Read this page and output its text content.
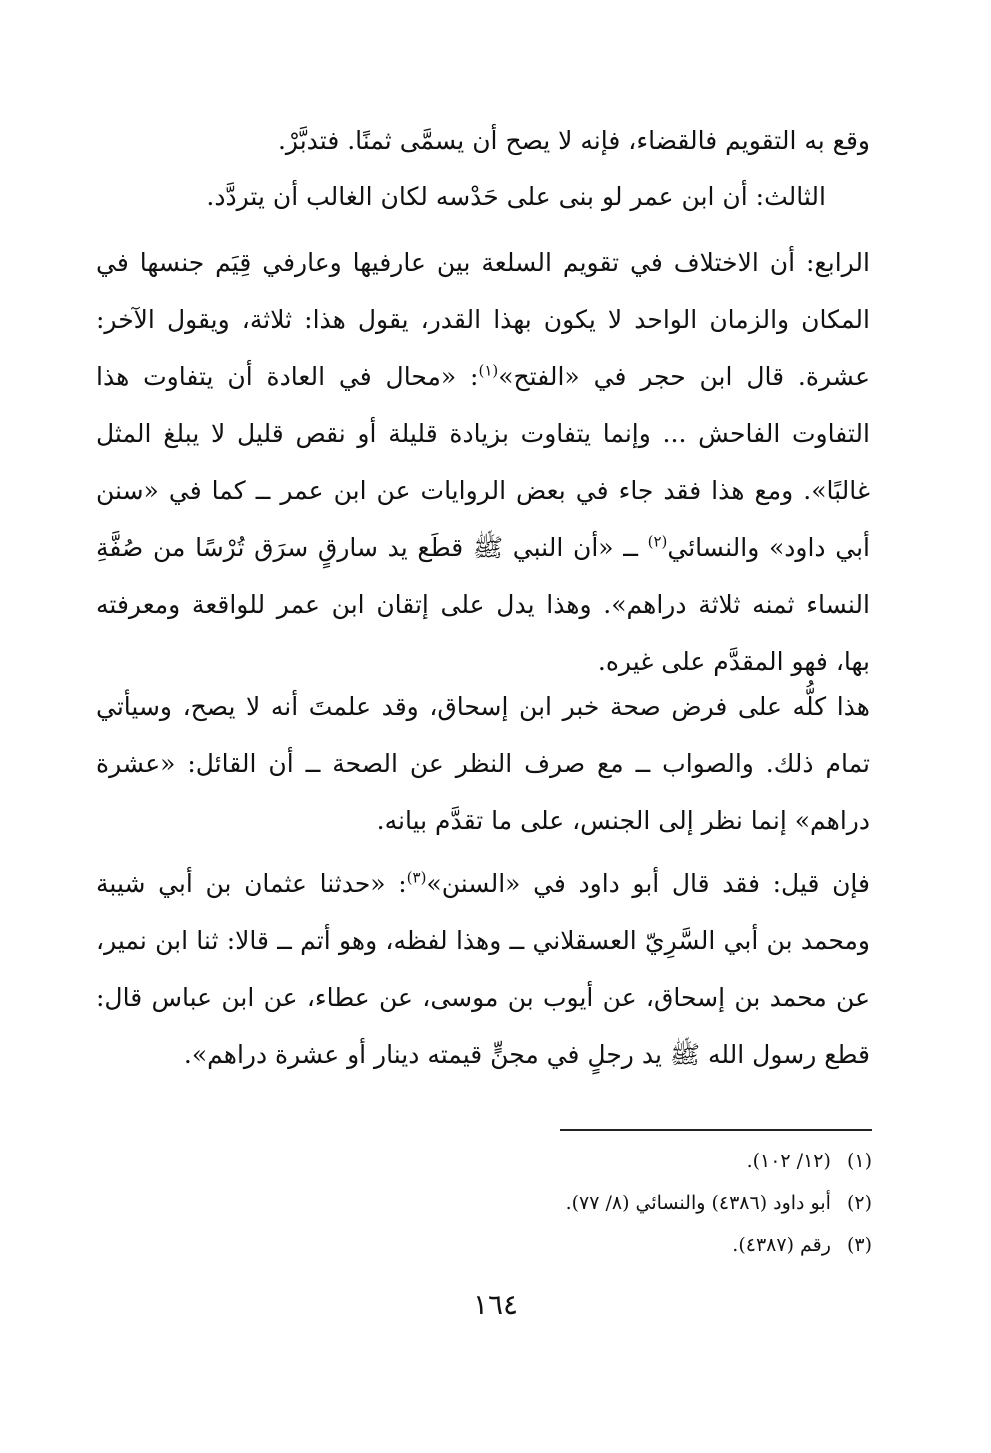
وقع به التقويم فالقضاء، فإنه لا يصح أن يسمَّى ثمنًا. فتدبَّرْ.

الثالث: أن ابن عمر لو بنى على حَدْسه لكان الغالب أن يتردَّد.

الرابع: أن الاختلاف في تقويم السلعة بين عارفيها وعارفي قِيَم جنسها في المكان والزمان الواحد لا يكون بهذا القدر، يقول هذا: ثلاثة، ويقول الآخر: عشرة. قال ابن حجر في «الفتح»$^{(١)}$: «محال في العادة أن يتفاوت هذا التفاوت الفاحش ... وإنما يتفاوت بزيادة قليلة أو نقص قليل لا يبلغ المثل غالبًا». ومع هذا فقد جاء في بعض الروايات عن ابن عمر ــ كما في «سنن أبي داود» والنسائي$^{(٢)}$ ــ «أن النبي ﷺ قطَع يد سارقٍ سرَق تُرْسًا من صُفَّةِ النساء ثمنه ثلاثة دراهم». وهذا يدل على إتقان ابن عمر للواقعة ومعرفته بها، فهو المقدَّم على غيره.

هذا كلُّه على فرض صحة خبر ابن إسحاق، وقد علمتَ أنه لا يصح، وسيأتي تمام ذلك. والصواب ــ مع صرف النظر عن الصحة ــ أن القائل: «عشرة دراهم» إنما نظر إلى الجنس، على ما تقدَّم بيانه.

فإن قيل: فقد قال أبو داود في «السنن»$^{(٣)}$: «حدثنا عثمان بن أبي شيبة ومحمد بن أبي السَّرِيّ العسقلاني ــ وهذا لفظه، وهو أتم ــ قالا: ثنا ابن نمير، عن محمد بن إسحاق، عن أيوب بن موسى، عن عطاء، عن ابن عباس قال: قطع رسول الله ﷺ يد رجلٍ في مجنٍّ قيمته دينار أو عشرة دراهم».

(١)(١٢/ ١٠٢).
(٢)أبو داود (٤٣٨٦) والنسائي (٨/ ٧٧).
(٣)رقم (٤٣٨٧).
١٦٤
